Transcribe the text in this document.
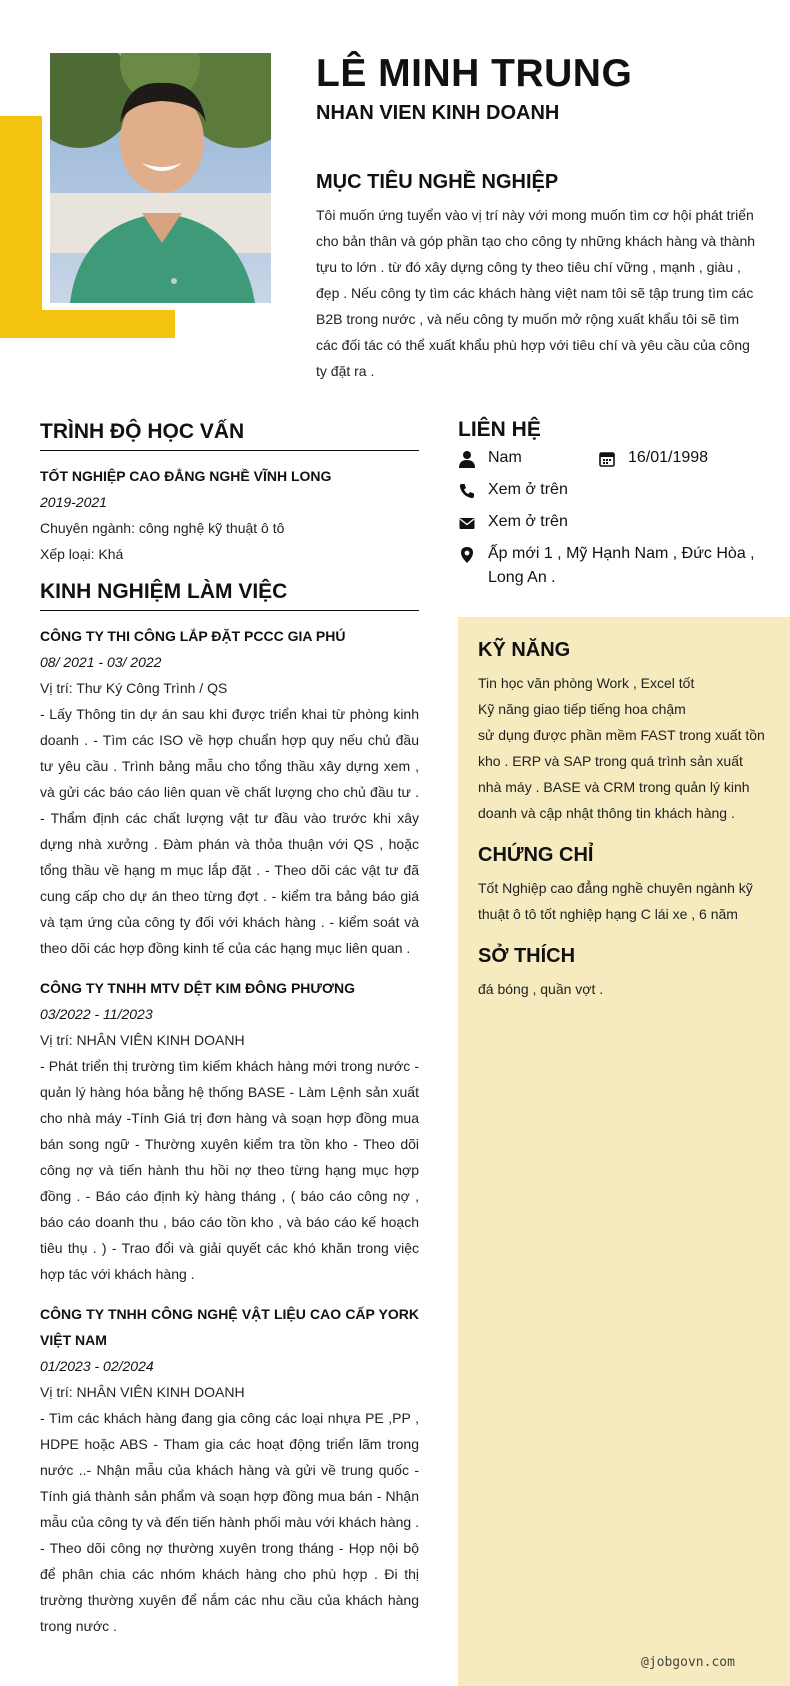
LÊ MINH TRUNG
NHAN VIEN KINH DOANH
MỤC TIÊU NGHỀ NGHIỆP
Tôi muốn ứng tuyển vào vị trí này với mong muốn tìm cơ hội phát triển cho bản thân và góp phần tạo cho công ty những khách hàng và thành tựu to lớn . từ đó xây dựng công ty theo tiêu chí vững , mạnh , giàu , đẹp . Nếu công ty tìm các khách hàng việt nam tôi sẽ tập trung tìm các B2B trong nước , và nếu công ty muốn mở rộng xuất khẩu tôi sẽ tìm các đối tác có thể xuất khẩu phù hợp với tiêu chí và yêu cầu của công ty đặt ra .
TRÌNH ĐỘ HỌC VẤN
TỐT NGHIỆP CAO ĐẲNG NGHỀ VĨNH LONG
2019-2021
Chuyên ngành: công nghệ kỹ thuật ô tô
Xếp loại: Khá
KINH NGHIỆM LÀM VIỆC
CÔNG TY THI CÔNG LẮP ĐẶT PCCC GIA PHÚ
08/ 2021 - 03/ 2022
Vị trí: Thư Ký Công Trình / QS
- Lấy Thông tin dự án sau khi được triển khai từ phòng kinh doanh . - Tìm các ISO về hợp chuẩn hợp quy nếu chủ đầu tư yêu cầu . Trình bảng mẫu cho tổng thầu xây dựng xem , và gửi các báo cáo liên quan về chất lượng cho chủ đầu tư . - Thẩm định các chất lượng vật tư đầu vào trước khi xây dựng nhà xưởng . Đàm phán và thỏa thuận với QS , hoặc tổng thầu về hạng m mục lắp đặt . - Theo dõi các vật tư đã cung cấp cho dự án theo từng đợt . - kiểm tra bảng báo giá và tạm ứng của công ty đối với khách hàng . - kiểm soát và theo dõi các hợp đồng kinh tế của các hạng mục liên quan .
CÔNG TY TNHH MTV DỆT KIM ĐÔNG PHƯƠNG
03/2022 - 11/2023
Vị trí: NHÂN VIÊN KINH DOANH
- Phát triển thị trường tìm kiếm khách hàng mới trong nước - quản lý hàng hóa bằng hệ thống BASE - Làm Lệnh sản xuất cho nhà máy -Tính Giá trị đơn hàng và soạn hợp đồng mua bán song ngữ - Thường xuyên kiểm tra tồn kho - Theo dõi công nợ và tiến hành thu hồi nợ theo từng hạng mục hợp đồng . - Báo cáo định kỳ hàng tháng , ( báo cáo công nợ , báo cáo doanh thu , báo cáo tồn kho , và báo cáo kế hoạch tiêu thụ . ) - Trao đổi và giải quyết các khó khăn trong việc hợp tác với khách hàng .
CÔNG TY TNHH CÔNG NGHỆ VẬT LIỆU CAO CẤP YORK VIỆT NAM
01/2023 - 02/2024
Vị trí: NHÂN VIÊN KINH DOANH
- Tìm các khách hàng đang gia công các loại nhựa PE ,PP , HDPE hoặc ABS - Tham gia các hoạt động triển lãm trong nước ..- Nhận mẫu của khách hàng và gửi về trung quốc - Tính giá thành sản phẩm và soạn hợp đồng mua bán - Nhận mẫu của công ty và đến tiến hành phối màu với khách hàng . - Theo dõi công nợ thường xuyên trong tháng - Họp nội bộ để phân chia các nhóm khách hàng cho phù hợp . Đi thị trường thường xuyên để nắm các nhu cầu của khách hàng trong nước .
LIÊN HỆ
Nam	16/01/1998
Xem ở trên
Xem ở trên
Ấp mới 1 , Mỹ Hạnh Nam , Đức Hòa , Long An .
KỸ NĂNG
Tin học văn phòng Work , Excel tốt
Kỹ năng giao tiếp tiếng hoa chậm
sử dụng được phần mềm FAST trong xuất tồn kho . ERP và SAP trong quá trình sản xuất nhà máy . BASE và CRM trong quản lý kinh doanh và cập nhật thông tin khách hàng .
CHỨNG CHỈ
Tốt Nghiệp cao đẳng nghề chuyên ngành kỹ thuật ô tô tốt nghiệp hạng C lái xe , 6 năm
SỞ THÍCH
đá bóng , quần vợt .
@jobgovn.com
